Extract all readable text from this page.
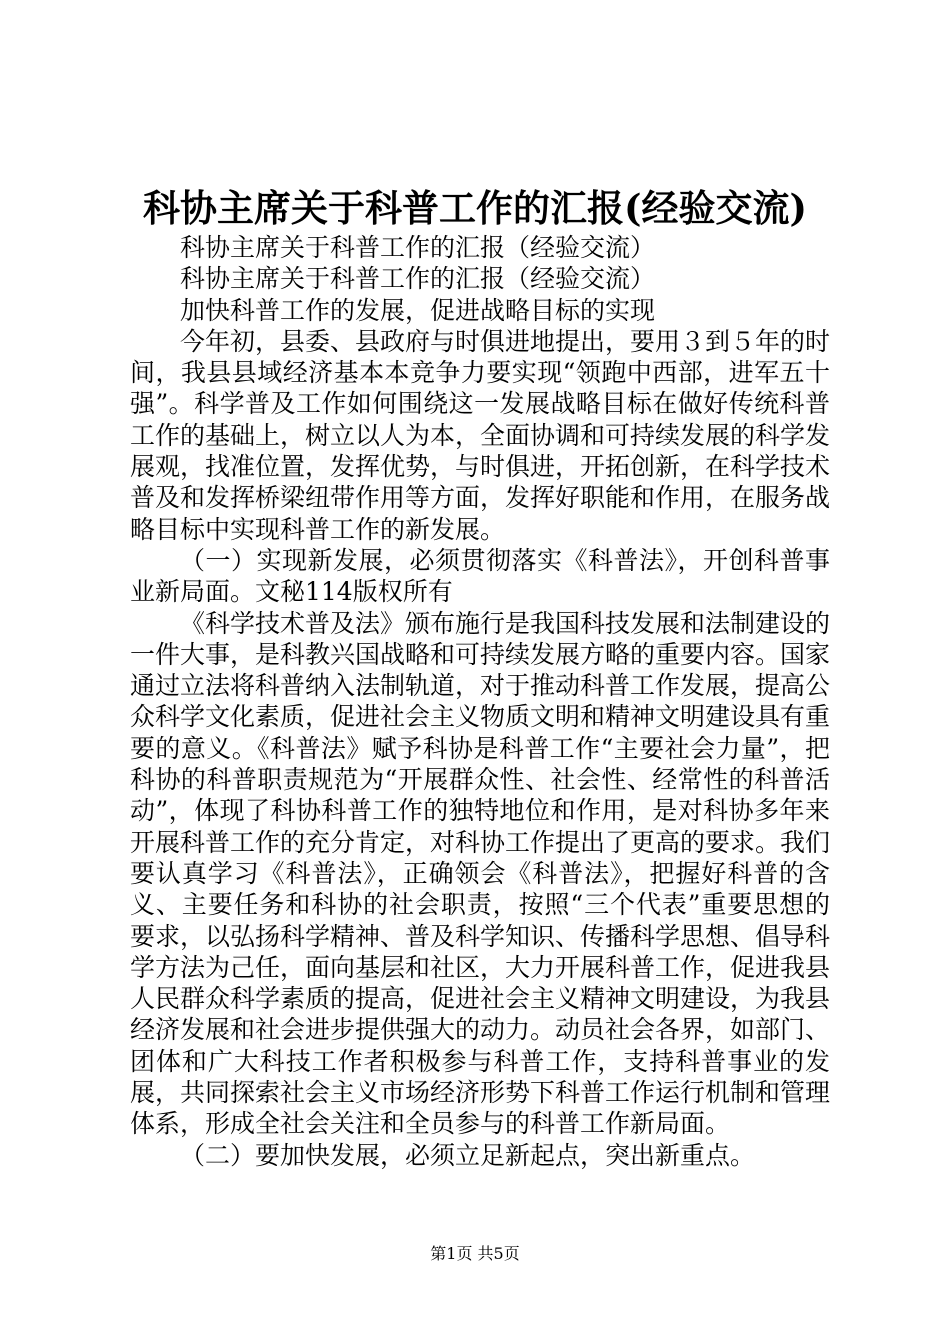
科协主席关于科普工作的汇报(经验交流)

科协主席关于科普工作的汇报（经验交流）

科协主席关于科普工作的汇报（经验交流）

加快科普工作的发展，促进战略目标的实现

今年初，县委、县政府与时俱进地提出，要用３到５年的时间，我县县域经济基本本竞争力要实现“领跑中西部，进军五十强”。科学普及工作如何围绕这一发展战略目标在做好传统科普工作的基础上，树立以人为本，全面协调和可持续发展的科学发展观，找准位置，发挥优势，与时俱进，开拓创新，在科学技术普及和发挥桥梁纽带作用等方面，发挥好职能和作用，在服务战略目标中实现科普工作的新发展。

（一）实现新发展，必须贯彻落实《科普法》，开创科普事业新局面。文秘114版权所有

《科学技术普及法》颁布施行是我国科技发展和法制建设的一件大事，是科教兴国战略和可持续发展方略的重要内容。国家通过立法将科普纳入法制轨道，对于推动科普工作发展，提高公众科学文化素质，促进社会主义物质文明和精神文明建设具有重要的意义。《科普法》赋予科协是科普工作“主要社会力量”，把科协的科普职责规范为“开展群众性、社会性、经常性的科普活动”，体现了科协科普工作的独特地位和作用，是对科协多年来开展科普工作的充分肯定，对科协工作提出了更高的要求。我们要认真学习《科普法》，正确领会《科普法》，把握好科普的含义、主要任务和科协的社会职责，按照“三个代表”重要思想的要求，以弘扬科学精神、普及科学知识、传播科学思想、倡导科学方法为己任，面向基层和社区，大力开展科普工作，促进我县人民群众科学素质的提高，促进社会主义精神文明建设，为我县经济发展和社会进步提供强大的动力。动员社会各界，如部门、团体和广大科技工作者积极参与科普工作，支持科普事业的发展，共同探索社会主义市场经济形势下科普工作运行机制和管理体系，形成全社会关注和全员参与的科普工作新局面。

（二）要加快发展，必须立足新起点，突出新重点。

第1页 共5页
